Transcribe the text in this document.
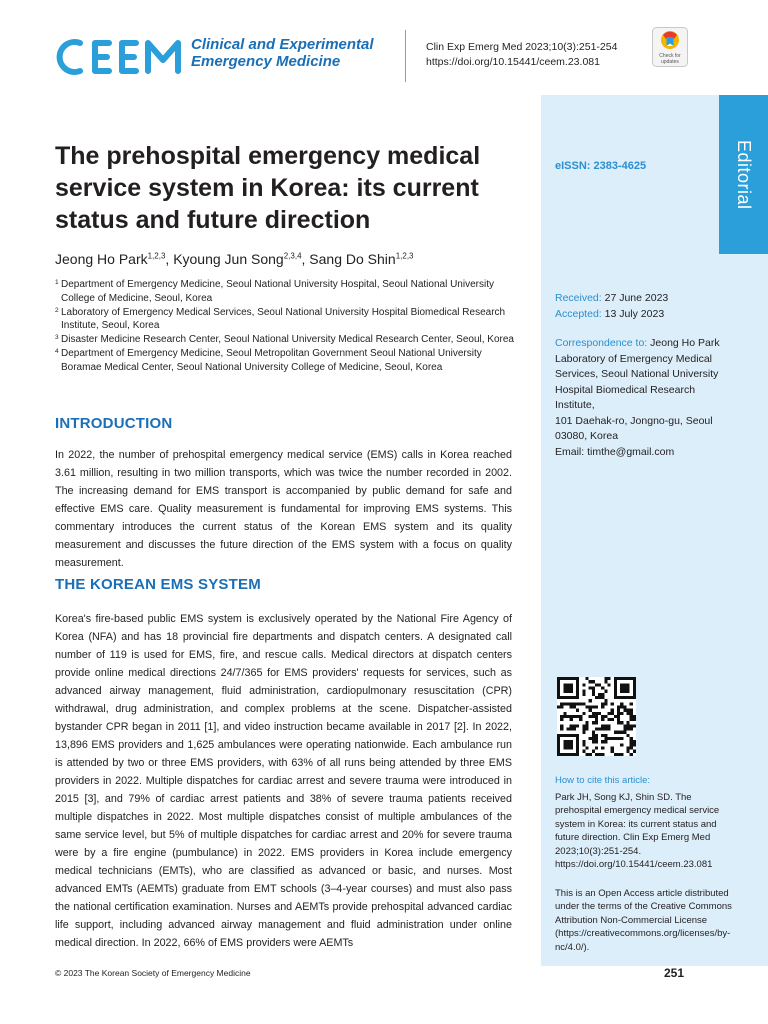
Clinical and Experimental
Emergency Medicine
Clin Exp Emerg Med 2023;10(3):251-254
https://doi.org/10.15441/ceem.23.081	Check for
updates
Editorial
eISSN: 2383-4625
Received: 27 June 2023
Accepted: 13 July 2023
Correspondence to: Jeong Ho Park
Laboratory of Emergency Medical
Services, Seoul National University
Hospital Biomedical Research Institute,
101 Daehak-ro, Jongno-gu, Seoul
03080, Korea
Email: timthe@gmail.com
How to cite this article:
Park JH, Song KJ, Shin SD. The prehospital emergency medical service system in Korea: its current status and future direction. Clin Exp Emerg Med 2023;10(3):251-254. https://doi.org/10.15441/ceem.23.081
This is an Open Access article distributed under the terms of the Creative Commons Attribution Non-Commercial License (https://creativecommons.org/licenses/by-nc/4.0/).
The prehospital emergency medical service system in Korea: its current status and future direction
Jeong Ho Park$^{1,2,3}$, Kyoung Jun Song$^{2,3,4}$, Sang Do Shin$^{1,2,3}$
1 Department of Emergency Medicine, Seoul National University Hospital, Seoul National University College of Medicine, Seoul, Korea
2 Laboratory of Emergency Medical Services, Seoul National University Hospital Biomedical Research Institute, Seoul, Korea
3 Disaster Medicine Research Center, Seoul National University Medical Research Center, Seoul, Korea
4 Department of Emergency Medicine, Seoul Metropolitan Government Seoul National University Boramae Medical Center, Seoul National University College of Medicine, Seoul, Korea
INTRODUCTION

In 2022, the number of prehospital emergency medical service (EMS) calls in Korea reached 3.61 million, resulting in two million transports, which was twice the number recorded in 2002. The increasing demand for EMS transport is accompanied by public demand for safe and effective EMS care. Quality measurement is fundamental for improving EMS systems. This commentary introduces the current status of the Korean EMS system and its quality measurement and discusses the future direction of the EMS system with a focus on quality measurement.

THE KOREAN EMS SYSTEM

Korea's fire-based public EMS system is exclusively operated by the National Fire Agency of Korea (NFA) and has 18 provincial fire departments and dispatch centers. A designated call number of 119 is used for EMS, fire, and rescue calls. Medical directors at dispatch centers provide online medical directions 24/7/365 for EMS providers' requests for services, such as advanced airway management, fluid administration, cardiopulmonary resuscitation (CPR) withdrawal, drug administration, and complex problems at the scene. Dispatcher-assisted bystander CPR began in 2011 [1], and video instruction became available in 2017 [2]. In 2022, 13,896 EMS providers and 1,625 ambulances were operating nationwide. Each ambulance run is attended by two or three EMS providers, with 63% of all runs being attended by three EMS providers in 2022. Multiple dispatches for cardiac arrest and severe trauma were introduced in 2015 [3], and 79% of cardiac arrest patients and 38% of severe trauma patients received multiple dispatches in 2022. Most multiple dispatches consist of multiple ambulances of the same service level, but 5% of multiple dispatches for cardiac arrest and 20% for severe trauma were by a fire engine (pumbulance) in 2022. EMS providers in Korea include emergency medical technicians (EMTs), who are classified as advanced or basic, and nurses. Most advanced EMTs (AEMTs) graduate from EMT schools (3–4-year courses) and must also pass the national certification examination. Nurses and AEMTs provide prehospital advanced cardiac life support, including advanced airway management and fluid administration under online medical direction. In 2022, 66% of EMS providers were AEMTs

© 2023 The Korean Society of Emergency Medicine	251
